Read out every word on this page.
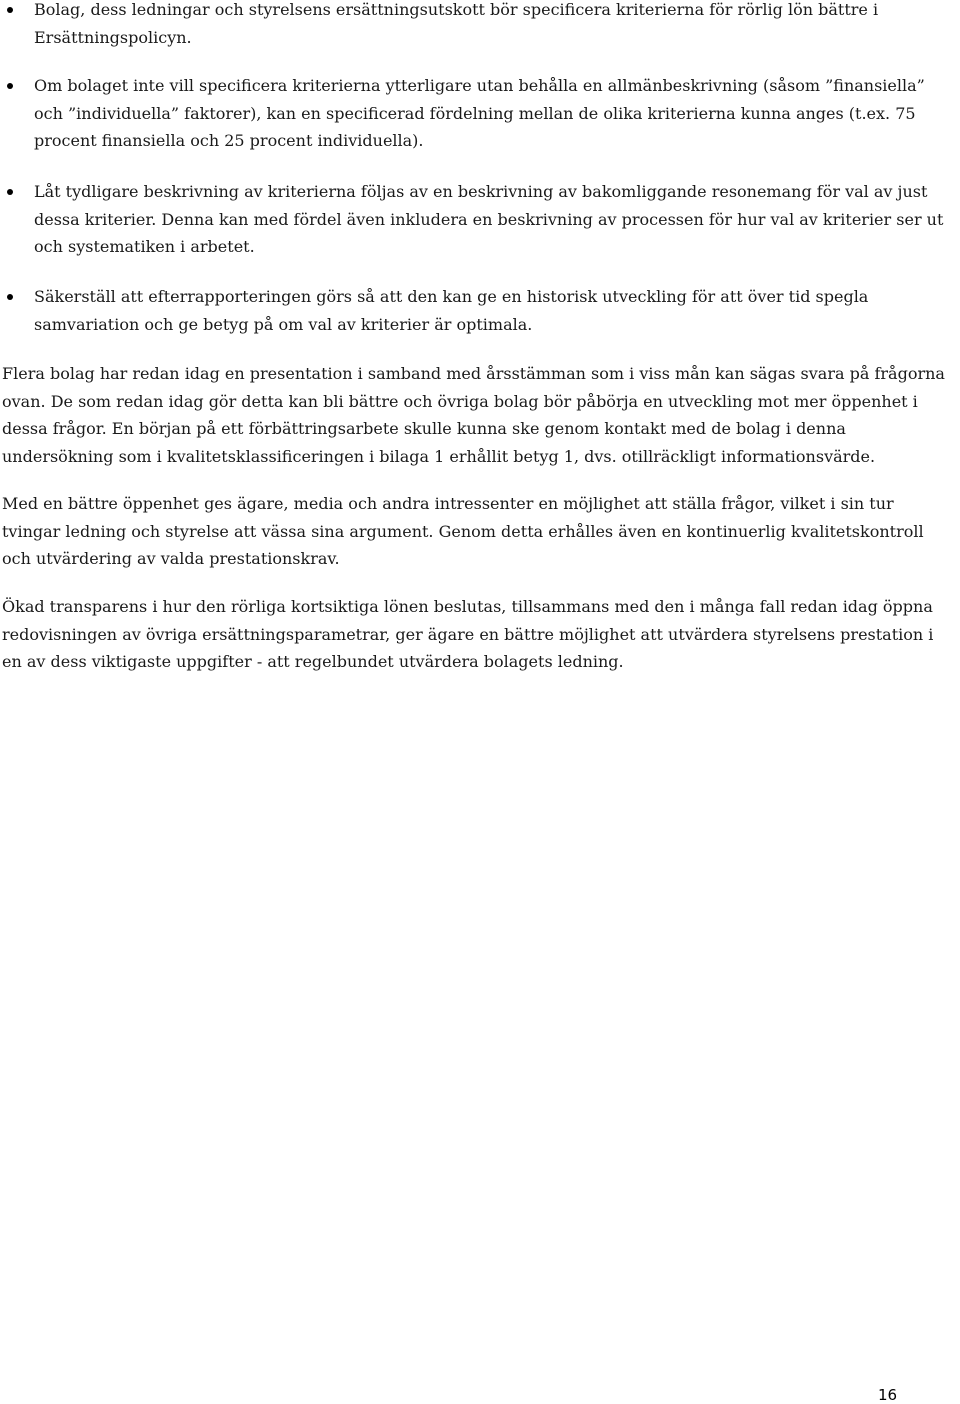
Bolag, dess ledningar och styrelsens ersättningsutskott bör specificera kriterierna för rörlig lön bättre i Ersättningspolicyn.
Om bolaget inte vill specificera kriterierna ytterligare utan behålla en allmänbeskrivning (såsom ”finansiella” och ”individuella” faktorer), kan en specificerad fördelning mellan de olika kriterierna kunna anges (t.ex. 75 procent finansiella och 25 procent individuella).
Låt tydligare beskrivning av kriterierna följas av en beskrivning av bakomliggande resonemang för val av just dessa kriterier. Denna kan med fördel även inkludera en beskrivning av processen för hur val av kriterier ser ut och systematiken i arbetet.
Säkerställ att efterrapporteringen görs så att den kan ge en historisk utveckling för att över tid spegla samvariation och ge betyg på om val av kriterier är optimala.

Flera bolag har redan idag en presentation i samband med årsstämman som i viss mån kan sägas svara på frågorna ovan. De som redan idag gör detta kan bli bättre och övriga bolag bör påbörja en utveckling mot mer öppenhet i dessa frågor. En början på ett förbättringsarbete skulle kunna ske genom kontakt med de bolag i denna undersökning som i kvalitetsklassificeringen i bilaga 1 erhållit betyg 1, dvs. otillräckligt informationsvärde.

Med en bättre öppenhet ges ägare, media och andra intressenter en möjlighet att ställa frågor, vilket i sin tur tvingar ledning och styrelse att vässa sina argument. Genom detta erhålles även en kontinuerlig kvalitetskontroll och utvärdering av valda prestationskrav.

Ökad transparens i hur den rörliga kortsiktiga lönen beslutas, tillsammans med den i många fall redan idag öppna redovisningen av övriga ersättningsparametrar, ger ägare en bättre möjlighet att utvärdera styrelsens prestation i en av dess viktigaste uppgifter - att regelbundet utvärdera bolagets ledning.

16
